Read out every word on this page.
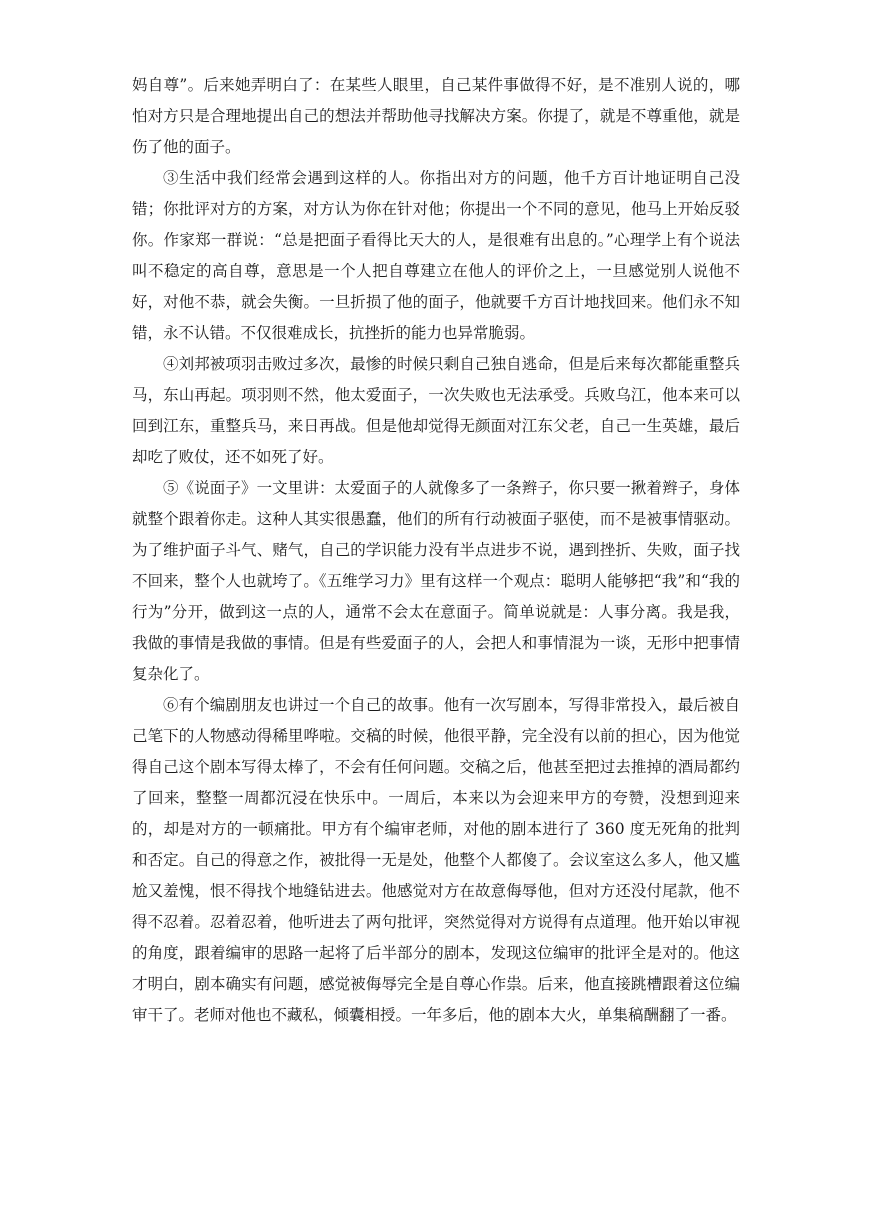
妈自尊”。后来她弄明白了：在某些人眼里，自己某件事做得不好，是不准别人说的，哪怕对方只是合理地提出自己的想法并帮助他寻找解决方案。你提了，就是不尊重他，就是伤了他的面子。

③生活中我们经常会遇到这样的人。你指出对方的问题，他千方百计地证明自己没错；你批评对方的方案，对方认为你在针对他；你提出一个不同的意见，他马上开始反驳你。作家郑一群说：“总是把面子看得比天大的人，是很难有出息的。”心理学上有个说法叫不稳定的高自尊，意思是一个人把自尊建立在他人的评价之上，一旦感觉别人说他不好，对他不恭，就会失衡。一旦折损了他的面子，他就要千方百计地找回来。他们永不知错，永不认错。不仅很难成长，抗挫折的能力也异常脆弱。

④刘邦被项羽击败过多次，最惨的时候只剩自己独自逃命，但是后来每次都能重整兵马，东山再起。项羽则不然，他太爱面子，一次失败也无法承受。兵败乌江，他本来可以回到江东，重整兵马，来日再战。但是他却觉得无颜面对江东父老，自己一生英雄，最后却吃了败仗，还不如死了好。

⑤《说面子》一文里讲：太爱面子的人就像多了一条辫子，你只要一揪着辫子，身体就整个跟着你走。这种人其实很愚蠢，他们的所有行动被面子驱使，而不是被事情驱动。为了维护面子斗气、赌气，自己的学识能力没有半点进步不说，遇到挫折、失败，面子找不回来，整个人也就垮了。《五维学习力》里有这样一个观点：聪明人能够把“我”和“我的行为”分开，做到这一点的人，通常不会太在意面子。简单说就是：人事分离。我是我，我做的事情是我做的事情。但是有些爱面子的人，会把人和事情混为一谈，无形中把事情复杂化了。

⑥有个编剧朋友也讲过一个自己的故事。他有一次写剧本，写得非常投入，最后被自己笔下的人物感动得稀里哗啦。交稿的时候，他很平静，完全没有以前的担心，因为他觉得自己这个剧本写得太棒了，不会有任何问题。交稿之后，他甚至把过去推掉的酒局都约了回来，整整一周都沉浸在快乐中。一周后，本来以为会迎来甲方的夸赞，没想到迎来的，却是对方的一顿痛批。甲方有个编审老师，对他的剧本进行了 360 度无死角的批判和否定。自己的得意之作，被批得一无是处，他整个人都傻了。会议室这么多人，他又尴尬又羞愧，恨不得找个地缝钻进去。他感觉对方在故意侮辱他，但对方还没付尾款，他不得不忍着。忍着忍着，他听进去了两句批评，突然觉得对方说得有点道理。他开始以审视的角度，跟着编审的思路一起将了后半部分的剧本，发现这位编审的批评全是对的。他这才明白，剧本确实有问题，感觉被侮辱完全是自尊心作祟。后来，他直接跳槽跟着这位编审干了。老师对他也不藏私，倾囊相授。一年多后，他的剧本大火，单集稿酬翻了一番。
